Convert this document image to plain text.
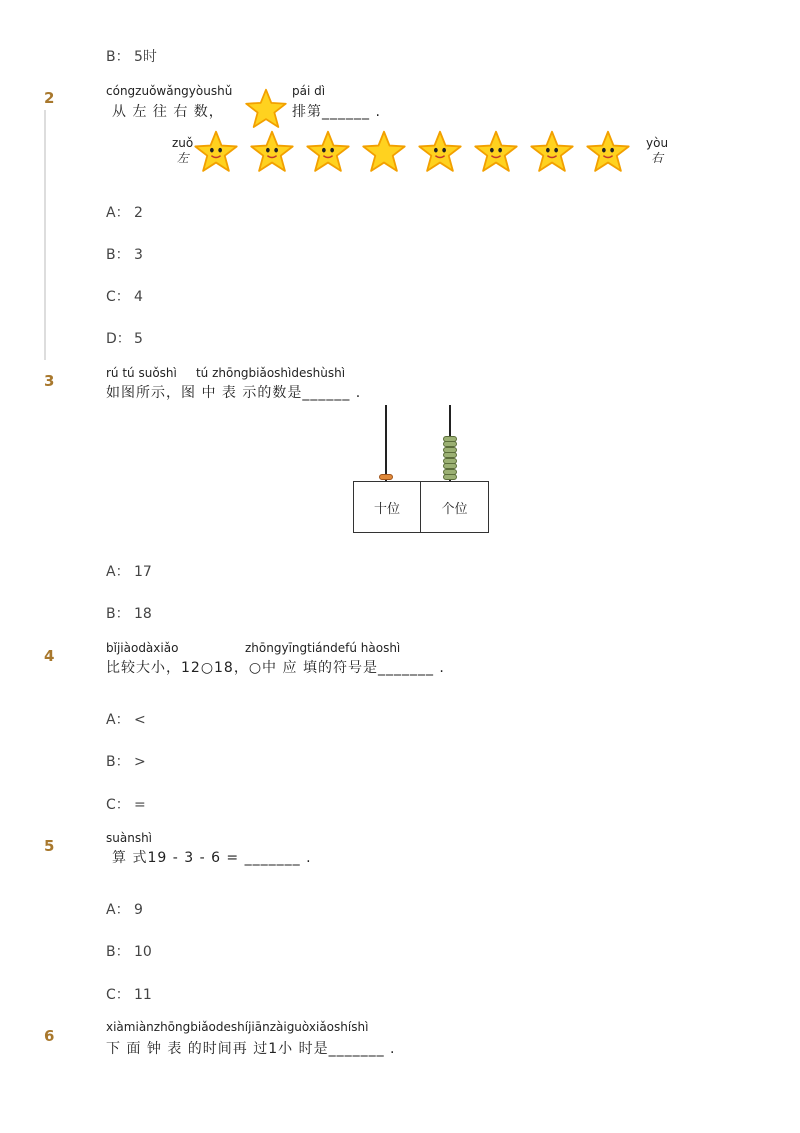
B： 5时
2	cóngzuǒwǎngyòushǔ	pái dì
从 左 往 右 数，	排第______ .
zuǒ
左
yòu
右
A： 2
B： 3
C： 4
D： 5
3	rú tú suǒshì     tú zhōngbiǎoshìdeshùshì
如图所示，图 中 表 示的数是______ .
十位	个位
A： 17
B： 18
4	bǐjiàodàxiǎo	zhōngyīngtiándefú hàoshì
比较大小，12○18，○中 应 填的符号是_______ .
A： <
B： >
C： =
5	suànshì
算 式19 - 3 - 6 = _______ .
A： 9
B： 10
C： 11
6	xiàmiànzhōngbiǎodeshíjiānzàiguòxiǎoshíshì
下 面 钟 表 的时间再 过1小 时是_______ .
